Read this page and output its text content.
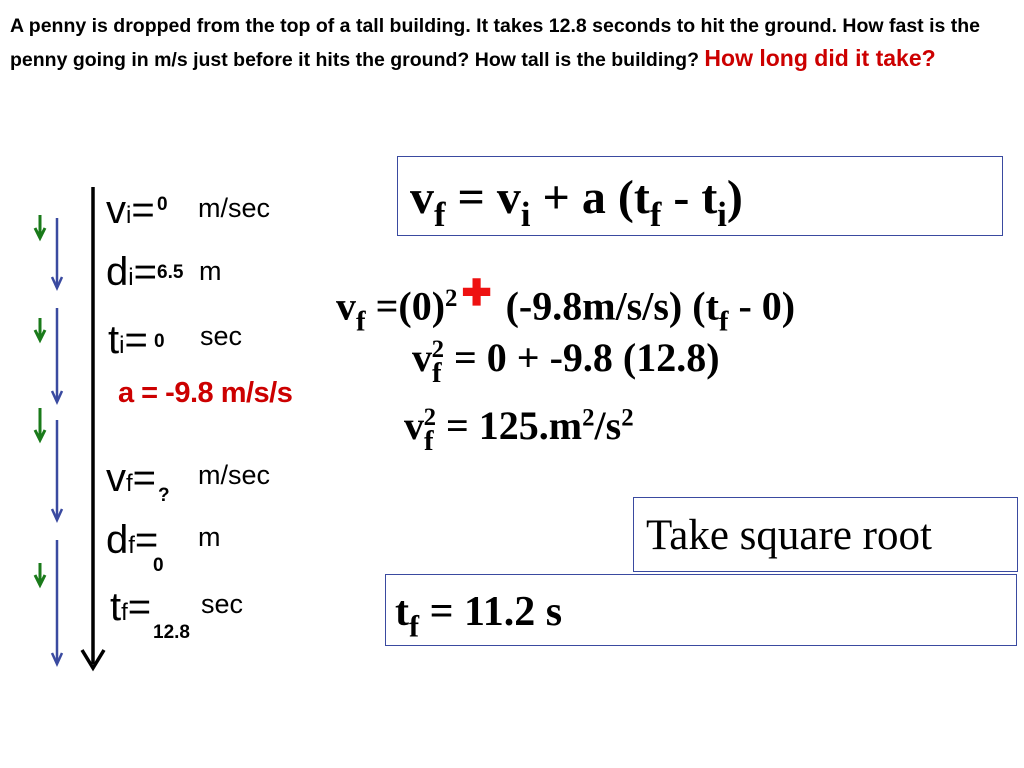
A penny is dropped from the top of a tall building. It takes 12.8 seconds to hit the ground. How fast is the penny going in m/s just before it hits the ground? How tall is the building? How long did it take?
vi= 0 m/sec
di= 6.5 m
ti= 0 sec
a = -9.8 m/s/s
vf= ?
m/sec
df=
0
m
tf=
12.8
sec
$v_f = v_i + a$ $(t_f - t_i)$
$v_f =(0)^2$ ✚ (-9.8m/s/s) $(t_f - 0)$
$v_f^2 = 0 + -9.8$ (12.8)
$v_f^2 = 125.m^2/s^2$
Take square root
$t_f = 11.2$ s
